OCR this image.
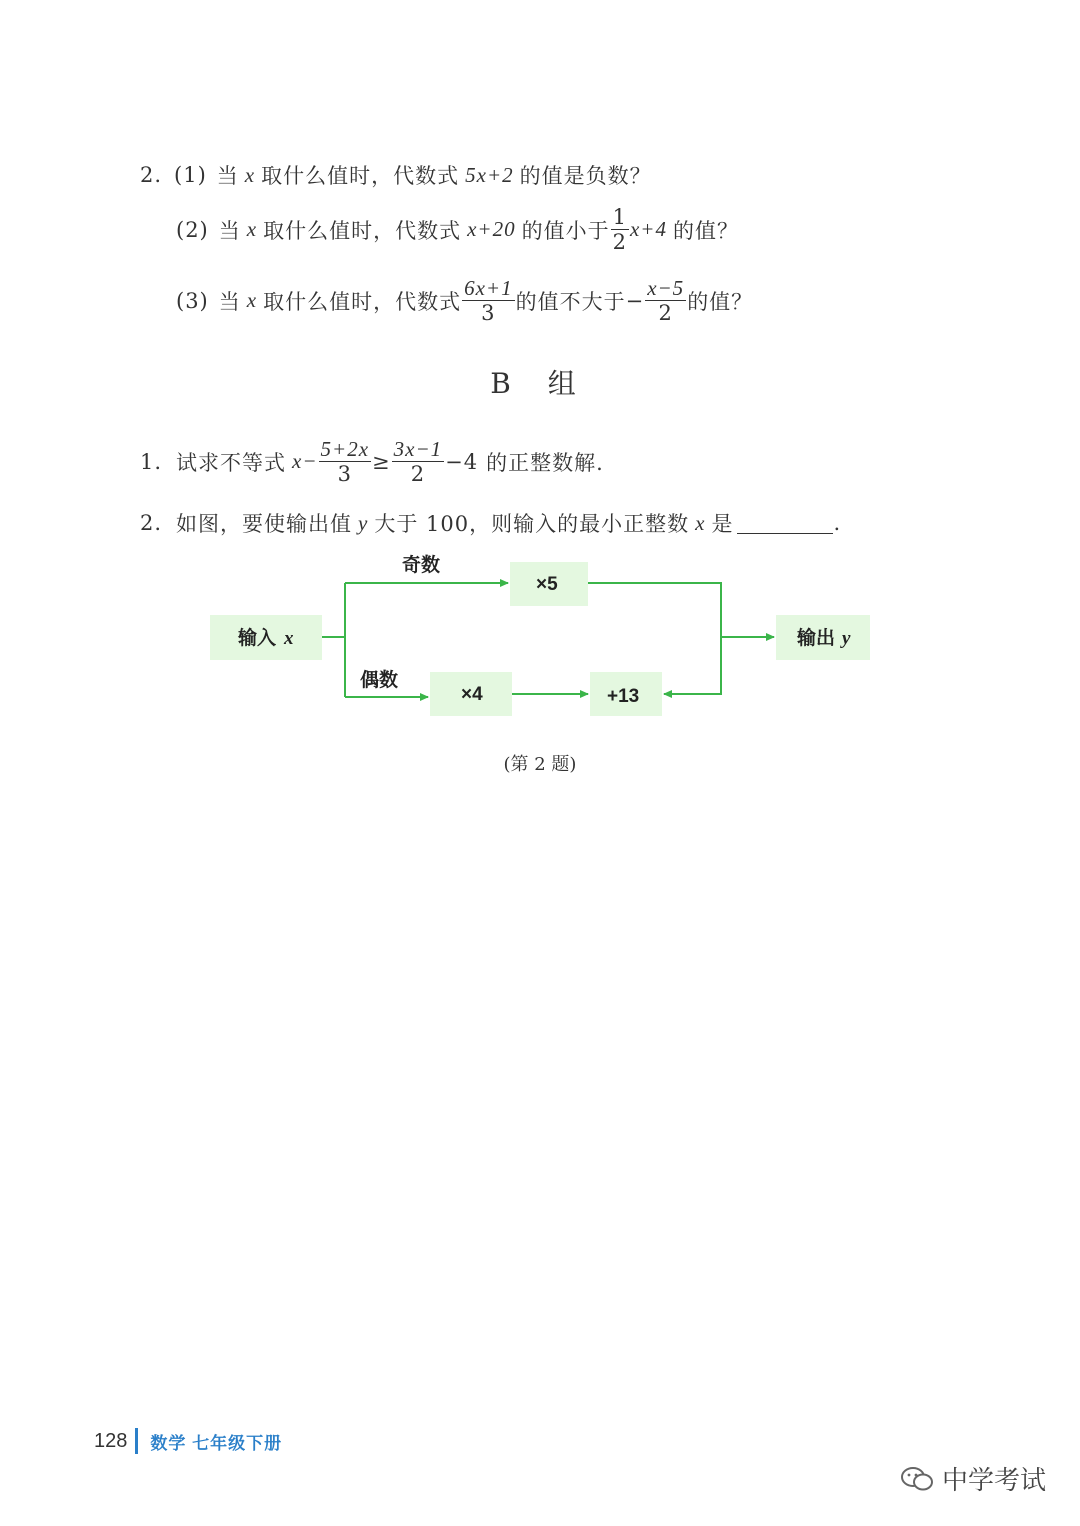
2. (1) 当 x 取什么值时，代数式 5x+2 的值是负数？
(2) 当 x 取什么值时，代数式 x+20 的值小于 $\frac{1}{2} x+4$ 的值？
(3) 当 x 取什么值时，代数式 $\frac{6x+1}{3}$ 的值不大于 − $\frac{x-5}{2}$ 的值？
B 组
1. 试求不等式 $x- \frac{5+2x}{3} \ge \frac{3x-1}{2} -4$ 的正整数解.
2. 如图，要使输出值 y 大于 100，则输入的最小正整数 x 是	.
输入 x
奇数
偶数
×5
×4	+13
输出 y
(第 2 题)
128 数学 七年级下册
中学考试
